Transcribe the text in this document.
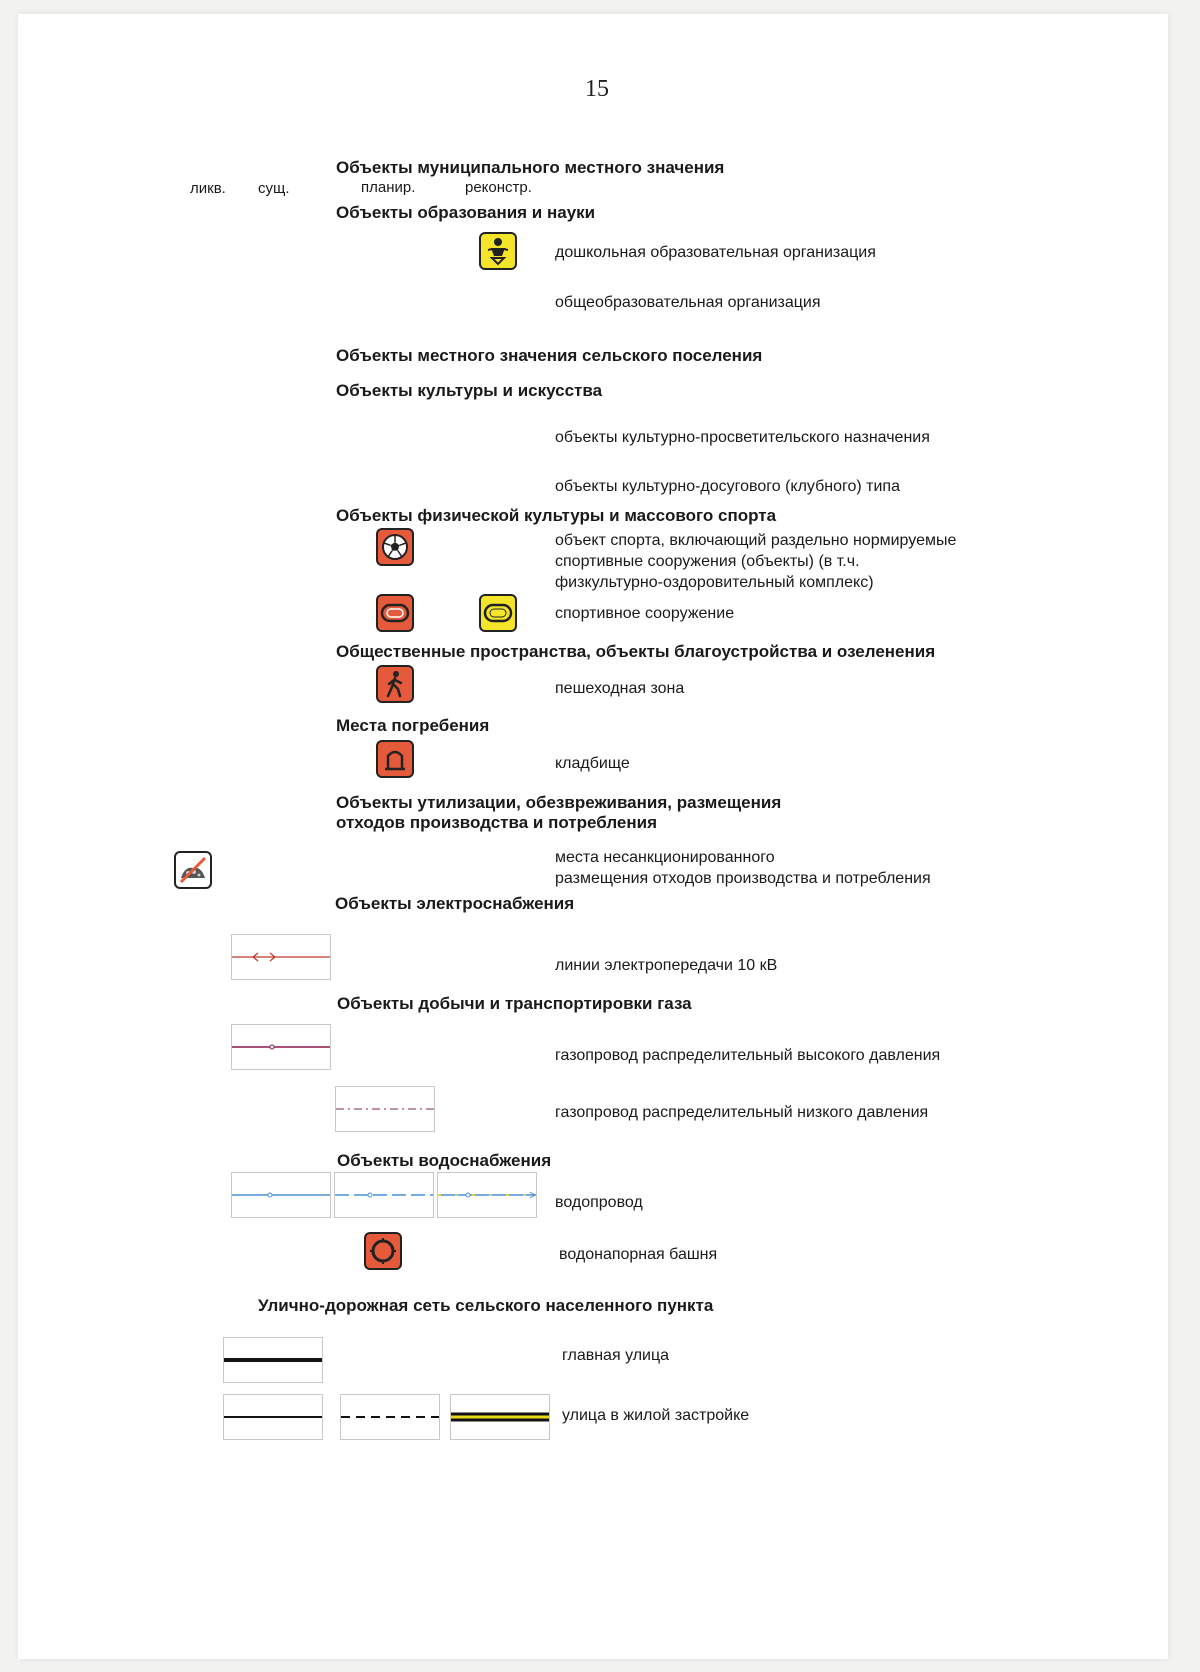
15
Объекты муниципального местного значения
ликв. сущ.	планир.	реконстр.
Объекты образования и науки
дошкольная образовательная организация
общеобразовательная организация
Объекты местного значения сельского поселения
Объекты культуры и искусства
объекты культурно-просветительского назначения
объекты культурно-досугового (клубного) типа
Объекты физической культуры и массового спорта
объект спорта, включающий раздельно нормируемые
спортивные сооружения (объекты) (в т.ч.
физкультурно-оздоровительный комплекс)
спортивное сооружение
Общественные пространства, объекты благоустройства и озеленения
пешеходная зона
Места погребения
кладбище
Объекты утилизации, обезвреживания, размещения
отходов производства и потребления
места несанкционированного
размещения отходов производства и потребления
Объекты электроснабжения
линии электропередачи 10 кВ
Объекты добычи и транспортировки газа
газопровод распределительный высокого давления
газопровод распределительный низкого давления
Объекты водоснабжения
водопровод
водонапорная башня
Улично-дорожная сеть сельского населенного пункта
главная улица
улица в жилой застройке
